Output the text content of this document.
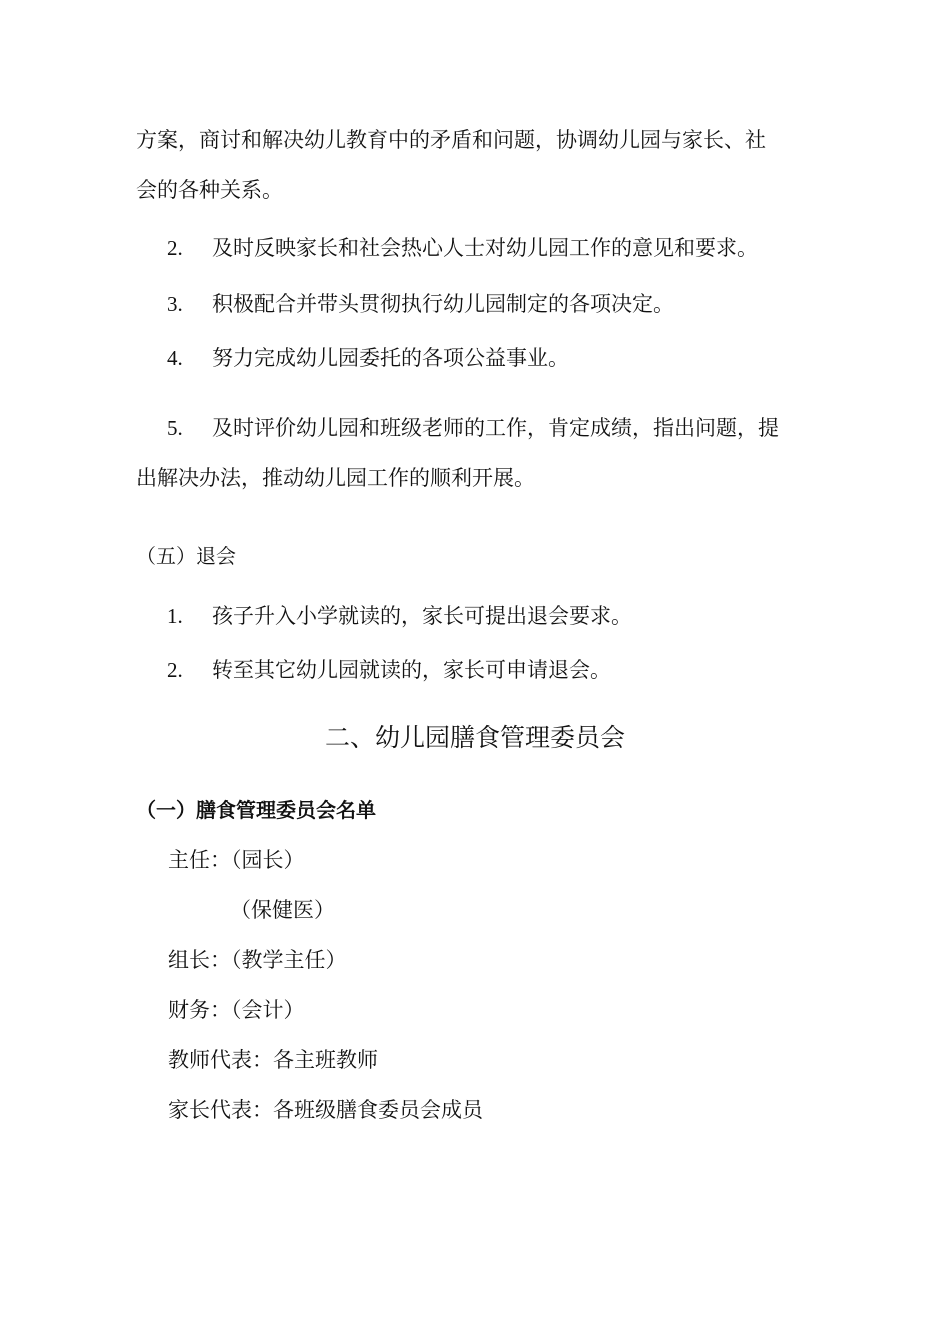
方案，商讨和解决幼儿教育中的矛盾和问题，协调幼儿园与家长、社
会的各种关系。
2.	及时反映家长和社会热心人士对幼儿园工作的意见和要求。
3.	积极配合并带头贯彻执行幼儿园制定的各项决定。
4.	努力完成幼儿园委托的各项公益事业。
5.	及时评价幼儿园和班级老师的工作，肯定成绩，指出问题，提
出解决办法，推动幼儿园工作的顺利开展。
（五）退会
1.	孩子升入小学就读的，家长可提出退会要求。
2.	转至其它幼儿园就读的，家长可申请退会。
二、幼儿园膳食管理委员会
（一）膳食管理委员会名单
主任：（园长）
（保健医）
组长：（教学主任）
财务：（会计）
教师代表：各主班教师
家长代表：各班级膳食委员会成员
